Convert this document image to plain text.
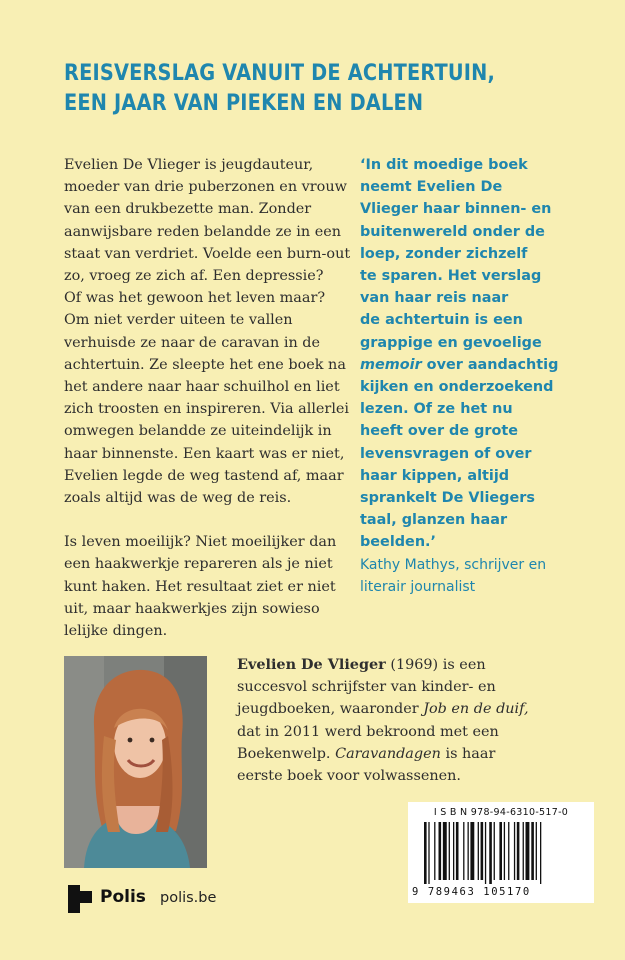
REISVERSLAG VANUIT DE ACHTERTUIN,
EEN JAAR VAN PIEKEN EN DALEN
Evelien De Vlieger is jeugdauteur,
moeder van drie puberzonen en vrouw
van een drukbezette man. Zonder
aanwijsbare reden belandde ze in een
staat van verdriet. Voelde een burn-out
zo, vroeg ze zich af. Een depressie?
Of was het gewoon het leven maar?
Om niet verder uiteen te vallen
verhuisde ze naar de caravan in de
achtertuin. Ze sleepte het ene boek na
het andere naar haar schuilhol en liet
zich troosten en inspireren. Via allerlei
omwegen belandde ze uiteindelijk in
haar binnenste. Een kaart was er niet,
Evelien legde de weg tastend af, maar
zoals altijd was de weg de reis.
Is leven moeilijk? Niet moeilijker dan
een haakwerkje repareren als je niet
kunt haken. Het resultaat ziet er niet
uit, maar haakwerkjes zijn sowieso
lelijke dingen.
‘In dit moedige boek
neemt Evelien De
Vlieger haar binnen- en
buitenwereld onder de
loep, zonder zichzelf
te sparen. Het verslag
van haar reis naar
de achtertuin is een
grappige en gevoelige
memoir over aandachtig
kijken en onderzoekend
lezen. Of ze het nu
heeft over de grote
levensvragen of over
haar kippen, altijd
sprankelt De Vliegers
taal, glanzen haar
beelden.’
Kathy Mathys, schrijver en
literair journalist
Evelien De Vlieger (1969) is een
succesvol schrijfster van kinder- en
jeugdboeken, waaronder Job en de duif,
dat in 2011 werd bekroond met een
Boekenwelp. Caravandagen is haar
eerste boek voor volwassenen.
I S B N 978-94-6310-517-0
9 789463 105170
Polis polis.be
